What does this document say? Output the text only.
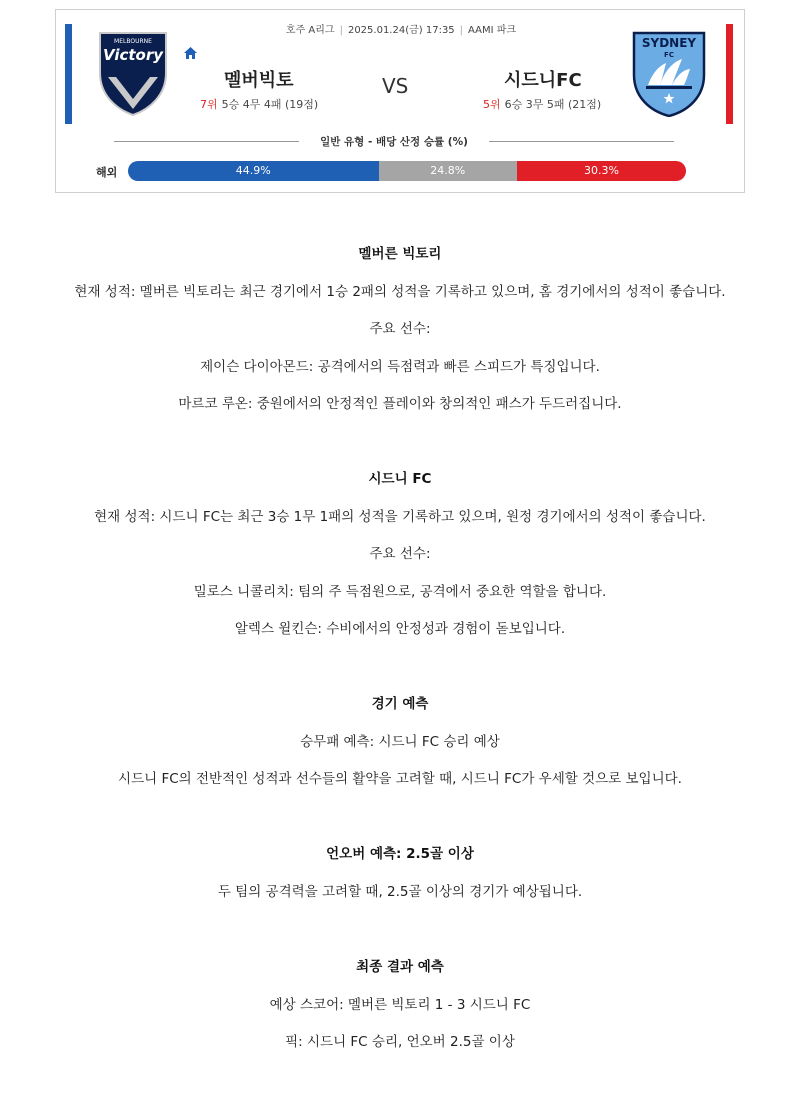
호주 A리그 | 2025.01.24(금) 17:35 | AAMI 파크
MELBOURNE
Victory
멜버빅토
7위 5승 4무 4패 (19점)
VS	시드니FC
5위 6승 3무 5패 (21점)
SYDNEY
FC
일반 유형 - 배당 산정 승률 (%)
해외	44.9%	24.8%	30.3%
멜버른 빅토리

현재 성적: 멜버른 빅토리는 최근 경기에서 1승 2패의 성적을 기록하고 있으며, 홈 경기에서의 성적이 좋습니다.

주요 선수:

제이슨 다이아몬드: 공격에서의 득점력과 빠른 스피드가 특징입니다.

마르코 루온: 중원에서의 안정적인 플레이와 창의적인 패스가 두드러집니다.

시드니 FC

현재 성적: 시드니 FC는 최근 3승 1무 1패의 성적을 기록하고 있으며, 원정 경기에서의 성적이 좋습니다.

주요 선수:

밀로스 니콜리치: 팀의 주 득점원으로, 공격에서 중요한 역할을 합니다.

알렉스 윌킨슨: 수비에서의 안정성과 경험이 돋보입니다.

경기 예측

승무패 예측: 시드니 FC 승리 예상

시드니 FC의 전반적인 성적과 선수들의 활약을 고려할 때, 시드니 FC가 우세할 것으로 보입니다.

언오버 예측: 2.5골 이상

두 팀의 공격력을 고려할 때, 2.5골 이상의 경기가 예상됩니다.

최종 결과 예측

예상 스코어: 멜버른 빅토리 1 - 3 시드니 FC

픽: 시드니 FC 승리, 언오버 2.5골 이상
